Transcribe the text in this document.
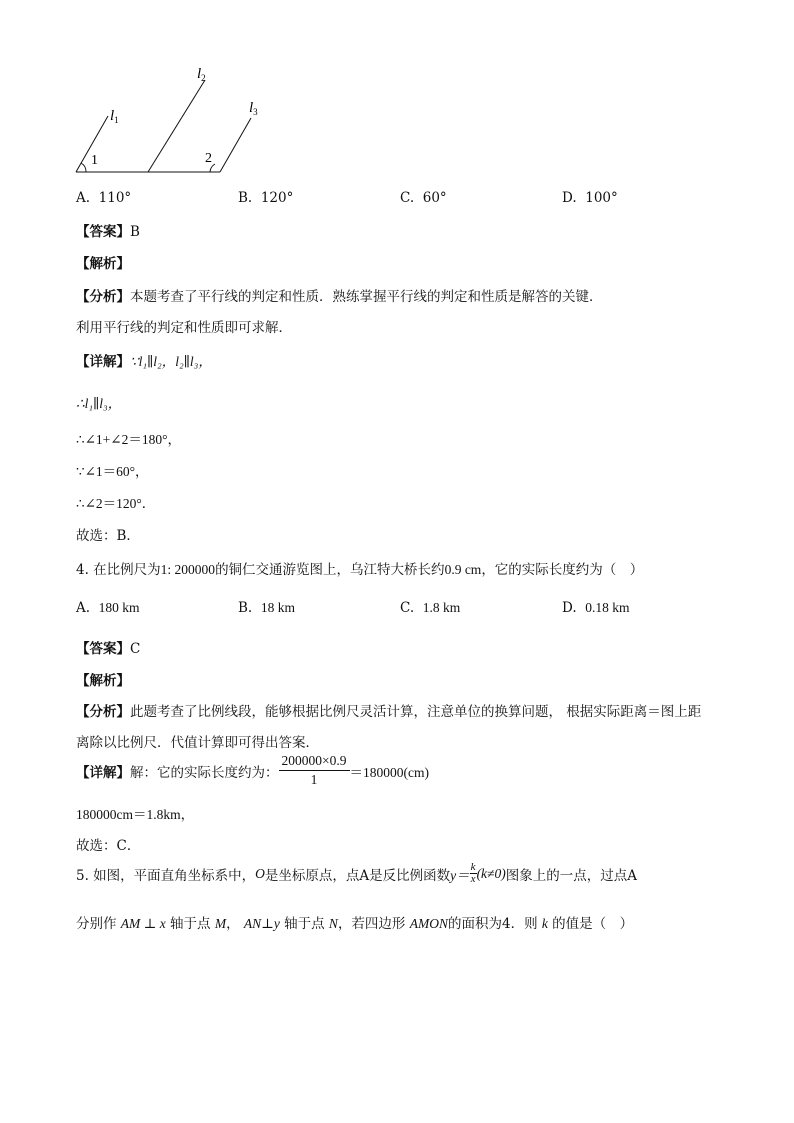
$l_1$
$l_2$
$l_3$
1	2
A. 110°	B. 120°	C. 60°	D. 100°
【答案】B
【解析】
【分析】本题考查了平行线的判定和性质．熟练掌握平行线的判定和性质是解答的关键．
利用平行线的判定和性质即可求解．
【详解】∵l₁∥l₂，l₂∥l₃，
∴l₁∥l₃，
∴∠1+∠2＝180°，
∵∠1＝60°，
∴∠2＝120°．
故选：B．
4. 在比例尺为1: 200000的铜仁交通游览图上，乌江特大桥长约0.9 cm，它的实际长度约为（　）
A. 180 km	B. 18 km	C. 1.8 km	D. 0.18 km
【答案】C
【解析】
【分析】此题考查了比例线段，能够根据比例尺灵活计算，注意单位的换算问题， 根据实际距离＝图上距
离除以比例尺．代值计算即可得出答案．
【详解】 解：它的实际长度约为： $\frac{200000\times 0.9}{1} =180000(cm)$
180000cm＝1.8km，
故选：C．
5. 如图，平面直角坐标系中， O 是坐标原点，点A是反比例函数 $y= \frac{k}{x} (k\ne 0)$ 图象上的一点，过点A
分别作 AM ⊥ x 轴于点 M， AN⊥y 轴于点 N，若四边形 AMON的面积为4．则 k 的值是（　）
